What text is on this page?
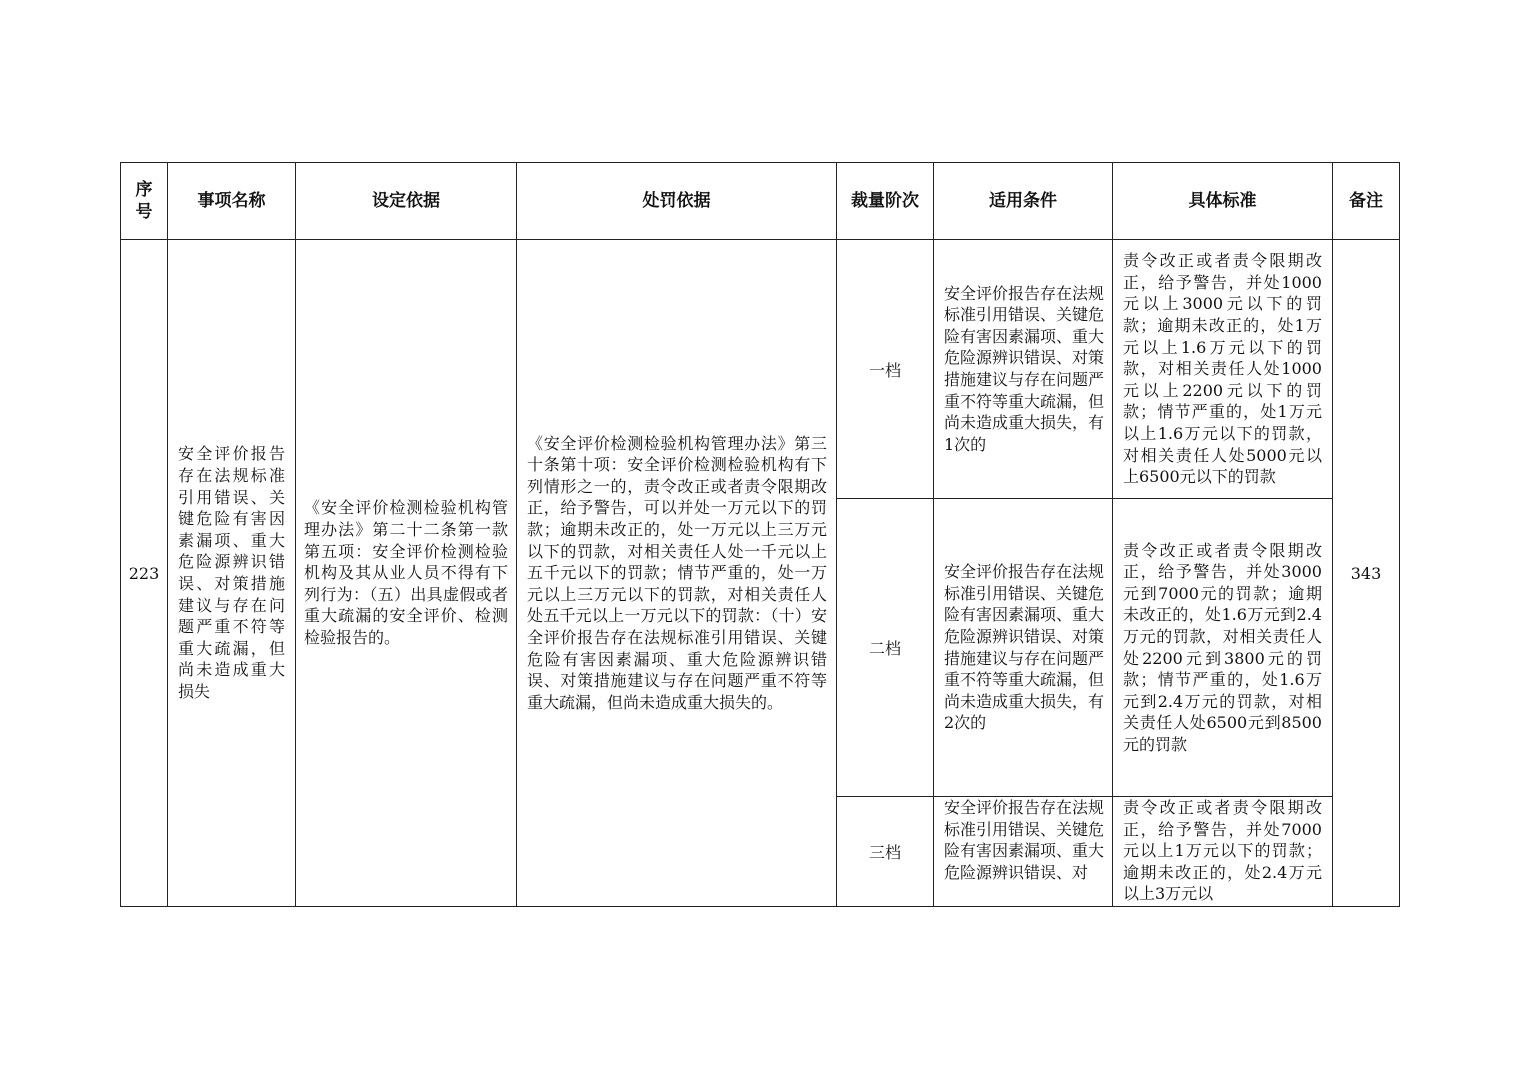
序号	事项名称	设定依据	处罚依据	裁量阶次	适用条件	具体标准	备注
223	安全评价报告存在法规标准引用错误、关键危险有害因素漏项、重大危险源辨识错误、对策措施建议与存在问题严重不符等重大疏漏，但尚未造成重大损失	《安全评价检测检验机构管理办法》第二十二条第一款第五项：安全评价检测检验机构及其从业人员不得有下列行为：（五）出具虚假或者重大疏漏的安全评价、检测检验报告的。	《安全评价检测检验机构管理办法》第三十条第十项：安全评价检测检验机构有下列情形之一的，责令改正或者责令限期改正，给予警告，可以并处一万元以下的罚款；逾期未改正的，处一万元以上三万元以下的罚款，对相关责任人处一千元以上五千元以下的罚款；情节严重的，处一万元以上三万元以下的罚款，对相关责任人处五千元以上一万元以下的罚款：（十）安全评价报告存在法规标准引用错误、关键危险有害因素漏项、重大危险源辨识错误、对策措施建议与存在问题严重不符等重大疏漏，但尚未造成重大损失的。	一档	安全评价报告存在法规标准引用错误、关键危险有害因素漏项、重大危险源辨识错误、对策措施建议与存在问题严重不符等重大疏漏，但尚未造成重大损失，有1次的	责令改正或者责令限期改正，给予警告，并处1000元以上3000元以下的罚款；逾期未改正的，处1万元以上1.6万元以下的罚款，对相关责任人处1000元以上2200元以下的罚款；情节严重的，处1万元以上1.6万元以下的罚款，对相关责任人处5000元以上6500元以下的罚款	343
				二档	安全评价报告存在法规标准引用错误、关键危险有害因素漏项、重大危险源辨识错误、对策措施建议与存在问题严重不符等重大疏漏，但尚未造成重大损失，有2次的	责令改正或者责令限期改正，给予警告，并处3000元到7000元的罚款；逾期未改正的，处1.6万元到2.4万元的罚款，对相关责任人处2200元到3800元的罚款；情节严重的，处1.6万元到2.4万元的罚款，对相关责任人处6500元到8500元的罚款	

				三档	安全评价报告存在法规标准引用错误、关键危险有害因素漏项、重大危险源辨识错误、对	责令改正或者责令限期改正，给予警告，并处7000元以上1万元以下的罚款；逾期未改正的，处2.4万元以上3万元以	
